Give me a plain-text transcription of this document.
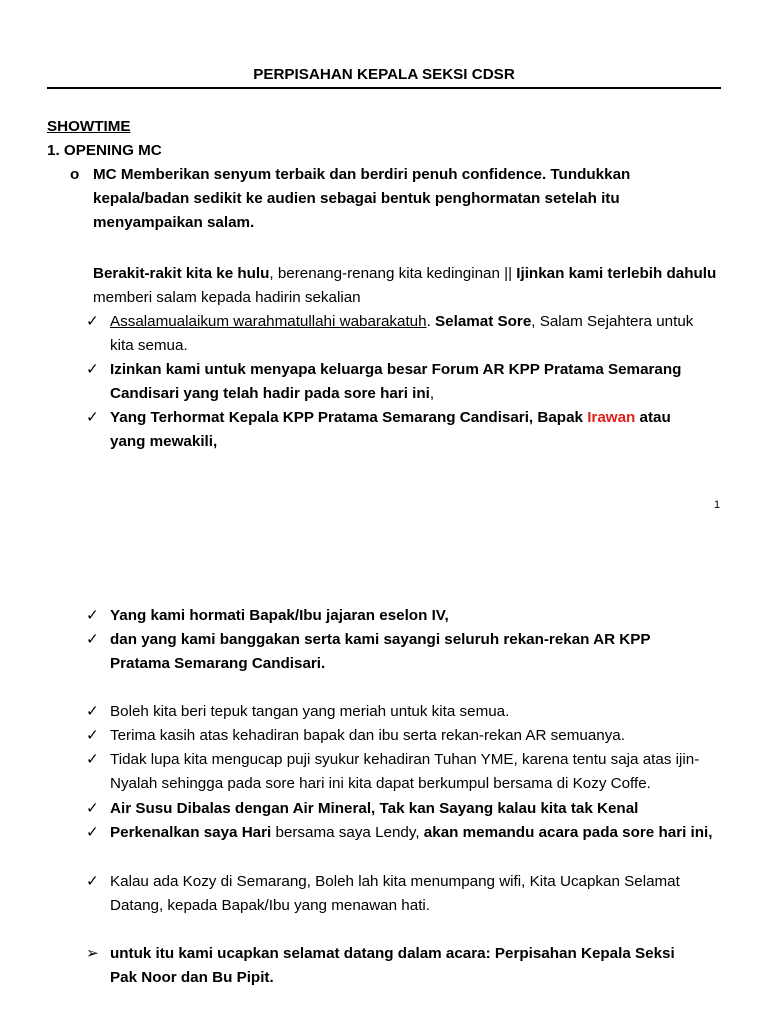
PERPISAHAN KEPALA SEKSI CDSR
SHOWTIME
1. OPENING MC
o MC Memberikan senyum terbaik dan berdiri penuh confidence. Tundukkan kepala/badan sedikit ke audien sebagai bentuk penghormatan setelah itu menyampaikan salam.
Berakit-rakit kita ke hulu, berenang-renang kita kedinginan || Ijinkan kami terlebih dahulu memberi salam kepada hadirin sekalian
✓ Assalamualaikum warahmatullahi wabarakatuh. Selamat Sore, Salam Sejahtera untuk kita semua.
✓ Izinkan kami untuk menyapa keluarga besar Forum AR KPP Pratama Semarang Candisari yang telah hadir pada sore hari ini,
✓ Yang Terhormat Kepala KPP Pratama Semarang Candisari, Bapak Irawan atau yang mewakili,
1
✓ Yang kami hormati Bapak/Ibu jajaran eselon IV,
✓ dan yang kami banggakan serta kami sayangi seluruh rekan-rekan AR KPP Pratama Semarang Candisari.
✓ Boleh kita beri tepuk tangan yang meriah untuk kita semua.
✓ Terima kasih atas kehadiran bapak dan ibu serta rekan-rekan AR semuanya.
✓ Tidak lupa kita mengucap puji syukur kehadiran Tuhan YME, karena tentu saja atas ijin-Nyalah sehingga pada sore hari ini kita dapat berkumpul bersama di Kozy Coffe.
✓ Air Susu Dibalas dengan Air Mineral, Tak kan Sayang kalau kita tak Kenal
✓ Perkenalkan saya Hari bersama saya Lendy, akan memandu acara pada sore hari ini,
✓ Kalau ada Kozy di Semarang, Boleh lah kita menumpang wifi, Kita Ucapkan Selamat Datang, kepada Bapak/Ibu yang menawan hati.
➢ untuk itu kami ucapkan selamat datang dalam acara: Perpisahan Kepala Seksi Pak Noor dan Bu Pipit.
